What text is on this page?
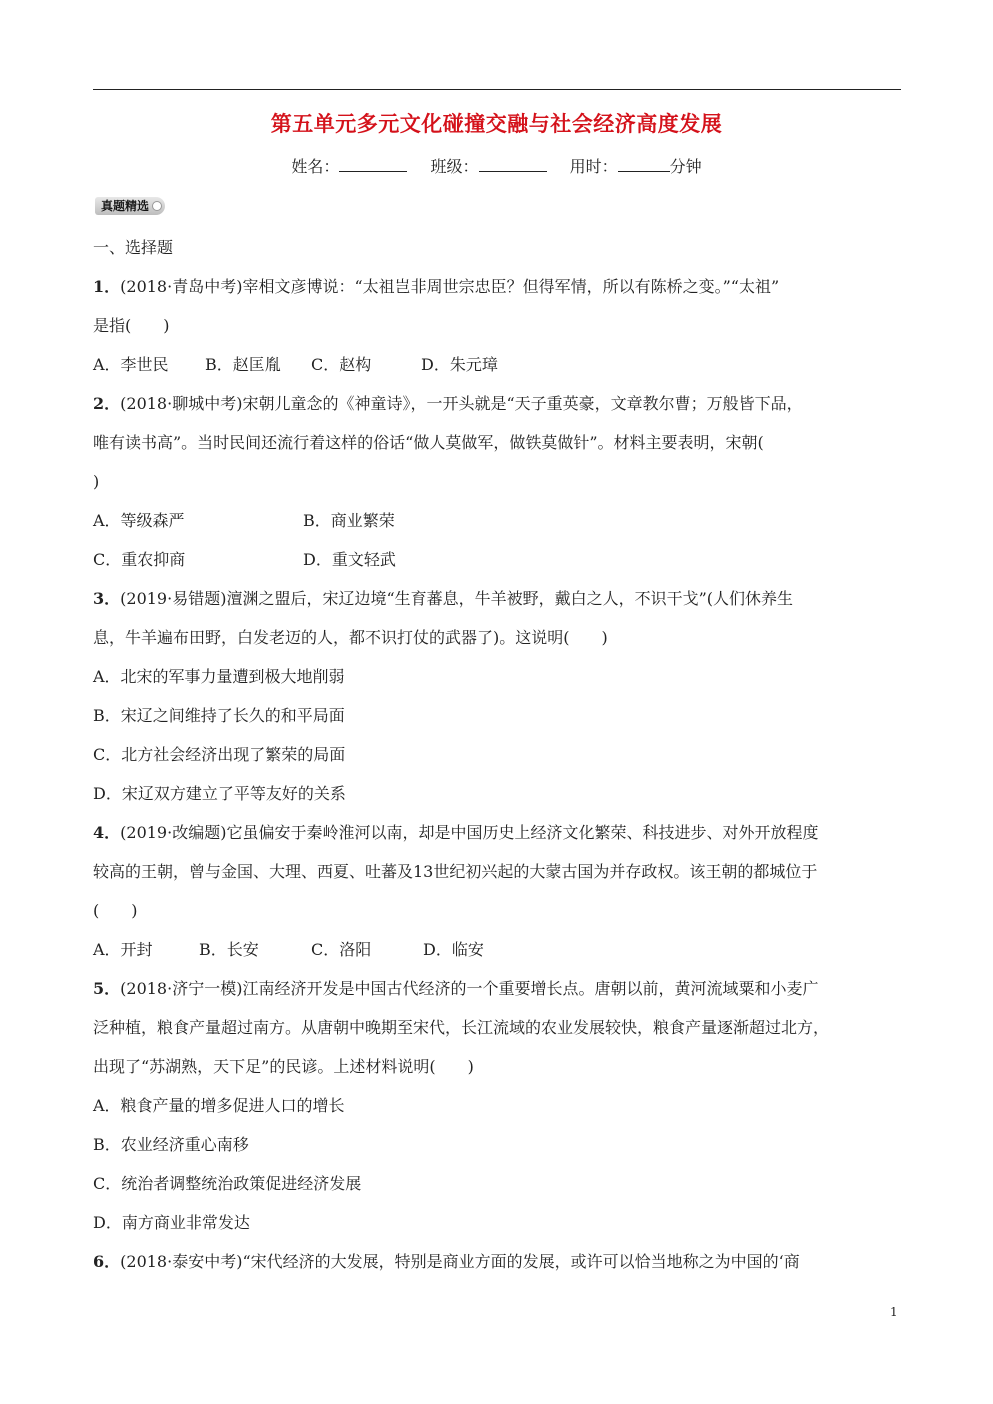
第五单元多元文化碰撞交融与社会经济高度发展
姓名：	班级：	用时：	分钟
真题精选
一、选择题
1．(2018·青岛中考)宰相文彦博说：“太祖岂非周世宗忠臣？但得军情，所以有陈桥之变。”“太祖”
是指(　　)
A．李世民 B．赵匡胤 C．赵构	D．朱元璋
2．(2018·聊城中考)宋朝儿童念的《神童诗》，一开头就是“天子重英豪，文章教尔曹；万般皆下品，
唯有读书高”。当时民间还流行着这样的俗话“做人莫做军，做铁莫做针”。材料主要表明，宋朝(
)
A．等级森严	B．商业繁荣
C．重农抑商	D．重文轻武
3．(2019·易错题)澶渊之盟后，宋辽边境“生育蕃息，牛羊被野，戴白之人，不识干戈”(人们休养生
息，牛羊遍布田野，白发老迈的人，都不识打仗的武器了)。这说明(　　)
A．北宋的军事力量遭到极大地削弱
B．宋辽之间维持了长久的和平局面
C．北方社会经济出现了繁荣的局面
D．宋辽双方建立了平等友好的关系
4．(2019·改编题)它虽偏安于秦岭淮河以南，却是中国历史上经济文化繁荣、科技进步、对外开放程度
较高的王朝，曾与金国、大理、西夏、吐蕃及13世纪初兴起的大蒙古国为并存政权。该王朝的都城位于
(　　)
A．开封	B．长安	C．洛阳	D．临安
5．(2018·济宁一模)江南经济开发是中国古代经济的一个重要增长点。唐朝以前，黄河流域粟和小麦广
泛种植，粮食产量超过南方。从唐朝中晚期至宋代，长江流域的农业发展较快，粮食产量逐渐超过北方，
出现了“苏湖熟，天下足”的民谚。上述材料说明(　　)
A．粮食产量的增多促进人口的增长
B．农业经济重心南移
C．统治者调整统治政策促进经济发展
D．南方商业非常发达
6．(2018·泰安中考)“宋代经济的大发展，特别是商业方面的发展，或许可以恰当地称之为中国的‘商
1
